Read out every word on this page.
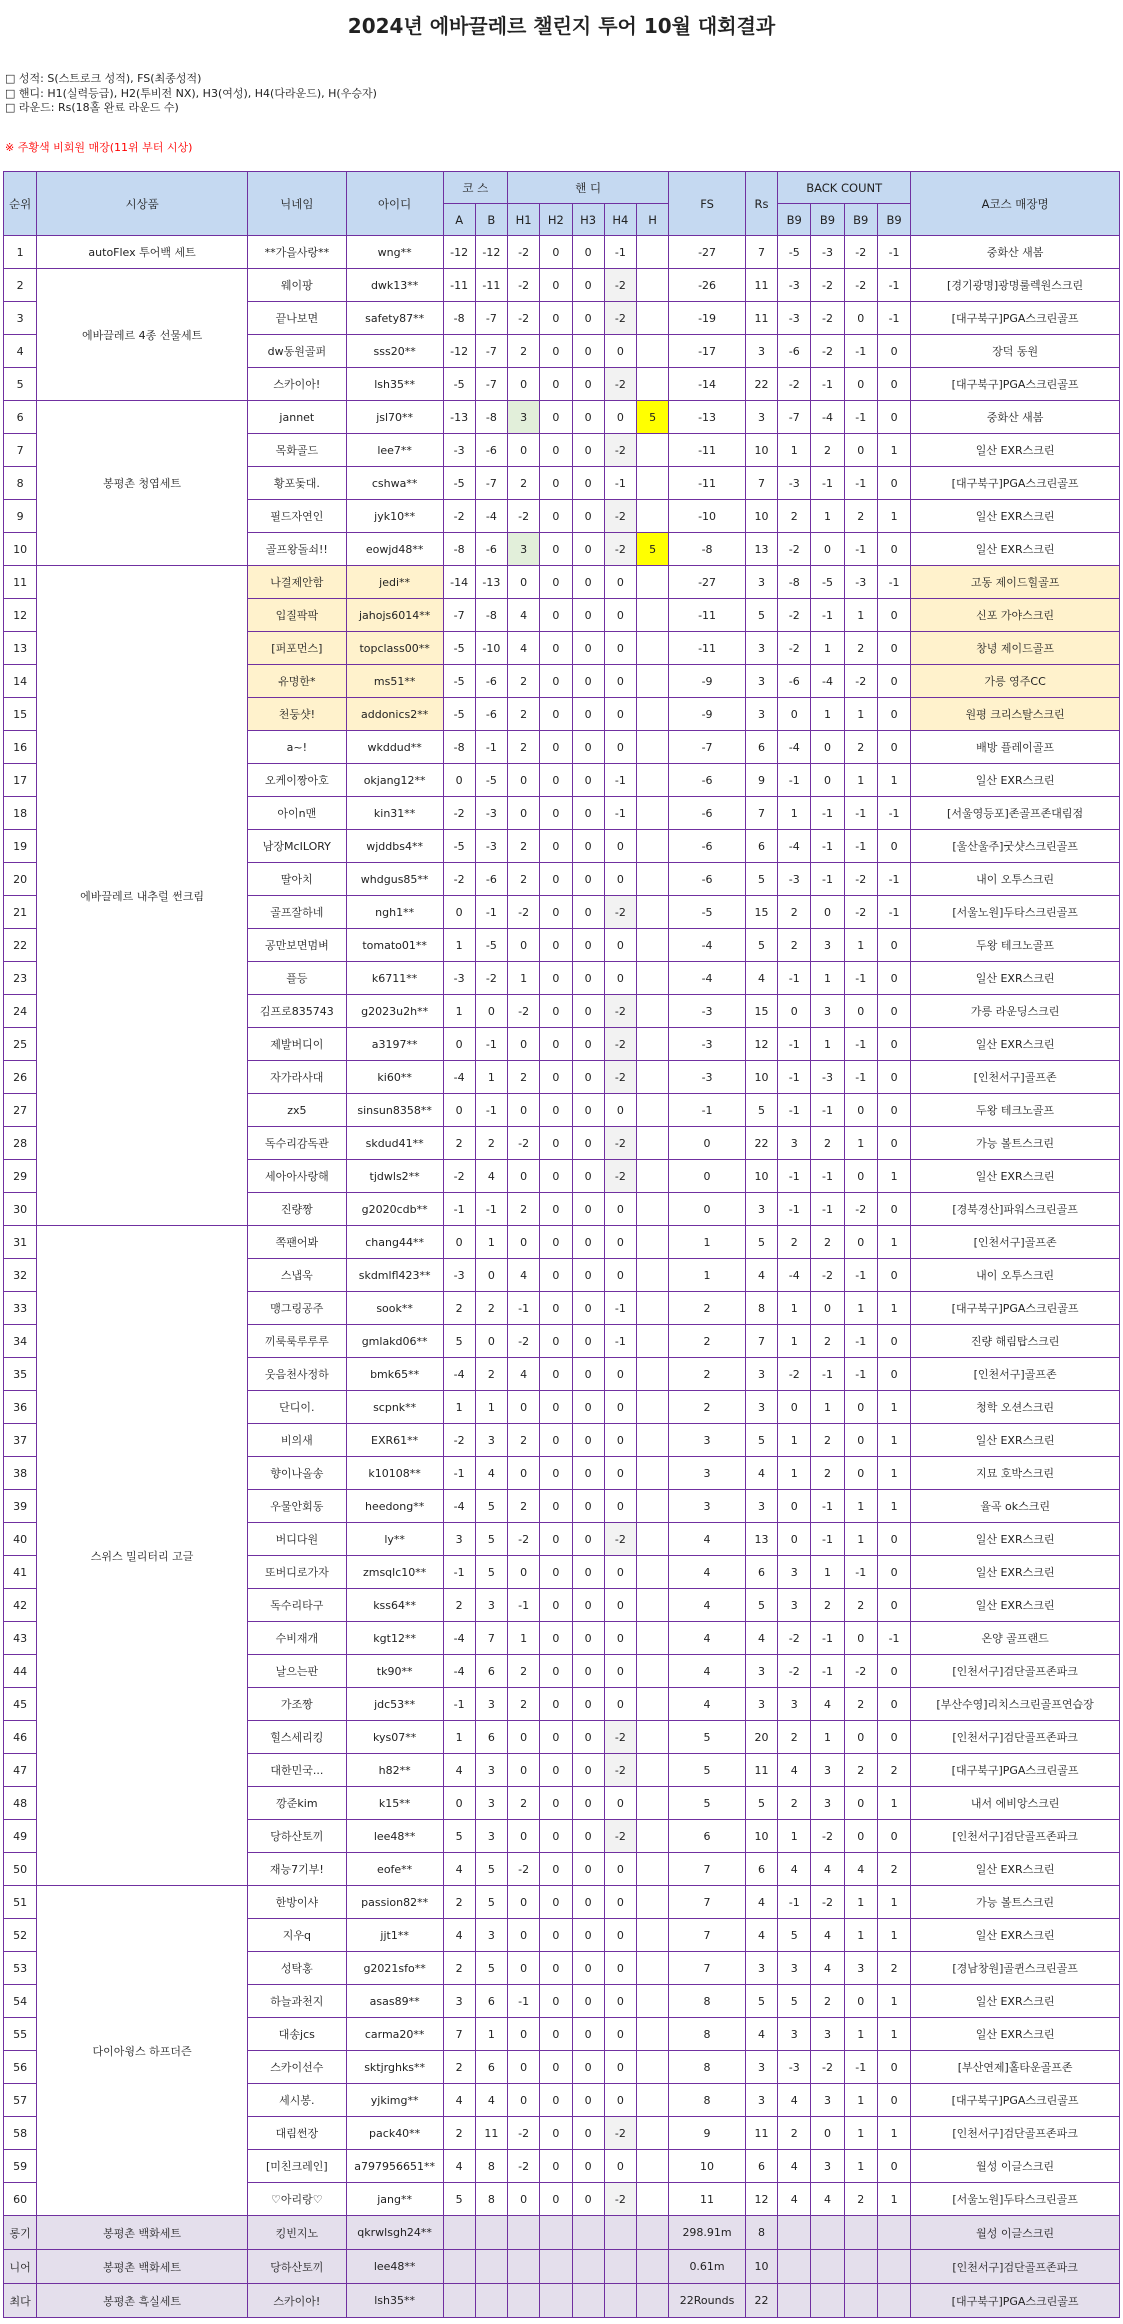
2024년 에바끌레르 챌린지 투어 10월 대회결과
□ 성적: S(스트로크 성적), FS(최종성적)
□ 핸디: H1(실력등급), H2(투비전 NX), H3(여성), H4(다라운드), H(우승자)
□ 라운드: Rs(18홀 완료 라운드 수)
※ 주황색 비회원 매장(11위 부터 시상)
순위	시상품	닉네임	아이디	코 스		핸 디					FS	Rs	BACK COUNT				A코스 매장명
				A	B	H1	H2	H3	H4	H			B9	B9	B9	B9	
1	autoFlex 투어백 세트	**가을사랑**	wng**	-12	-12	-2	0	0	-1		-27	7	-5	-3	-2	-1	중화산 새봄
2	에바끌레르 4종 선물세트	웨이팡	dwk13**	-11	-11	-2	0	0	-2		-26	11	-3	-2	-2	-1	[경기광명]광명룰렉원스크린
3		끝나보면	safety87**	-8	-7	-2	0	0	-2		-19	11	-3	-2	0	-1	[대구북구]PGA스크린골프
4		dw동원골퍼	sss20**	-12	-7	2	0	0	0		-17	3	-6	-2	-1	0	장덕 동원
5		스카이아!	lsh35**	-5	-7	0	0	0	-2		-14	22	-2	-1	0	0	[대구북구]PGA스크린골프
6	봉평촌 청엽세트	jannet	jsl70**	-13	-8	3	0	0	0	5	-13	3	-7	-4	-1	0	중화산 새봄
7		목화골드	lee7**	-3	-6	0	0	0	-2		-11	10	1	2	0	1	일산 EXR스크린
8		황포돛대.	cshwa**	-5	-7	2	0	0	-1		-11	7	-3	-1	-1	0	[대구북구]PGA스크린골프
9		필드자연인	jyk10**	-2	-4	-2	0	0	-2		-10	10	2	1	2	1	일산 EXR스크린
10		골프왕돌쇠!!	eowjd48**	-8	-6	3	0	0	-2	5	-8	13	-2	0	-1	0	일산 EXR스크린
11	에바끌레르 내추럴 썬크림	나결제안함	jedi**	-14	-13	0	0	0	0		-27	3	-8	-5	-3	-1	고동 제이드힐골프
12		입질팍팍	jahojs6014**	-7	-8	4	0	0	0		-11	5	-2	-1	1	0	신포 가야스크린
13		[퍼포먼스]	topclass00**	-5	-10	4	0	0	0		-11	3	-2	1	2	0	창녕 제이드골프
14		유명한*	ms51**	-5	-6	2	0	0	0		-9	3	-6	-4	-2	0	가릉 영주CC
15		천둥샷!	addonics2**	-5	-6	2	0	0	0		-9	3	0	1	1	0	원평 크리스탈스크린
16		a~!	wkddud**	-8	-1	2	0	0	0		-7	6	-4	0	2	0	배방 플레이골프
17		오케이짱아호	okjang12**	0	-5	0	0	0	-1		-6	9	-1	0	1	1	일산 EXR스크린
18		아이n맨	kin31**	-2	-3	0	0	0	-1		-6	7	1	-1	-1	-1	[서울영등포]존골프존대림점
19		남장McILORY	wjddbs4**	-5	-3	2	0	0	0		-6	6	-4	-1	-1	0	[울산울주]굿샷스크린골프
20		딸아치	whdgus85**	-2	-6	2	0	0	0		-6	5	-3	-1	-2	-1	내이 오투스크린
21		골프잘하네	ngh1**	0	-1	-2	0	0	-2		-5	15	2	0	-2	-1	[서울노원]두타스크린골프
22		공만보면멈벼	tomato01**	1	-5	0	0	0	0		-4	5	2	3	1	0	두왕 테크노골프
23		플등	k6711**	-3	-2	1	0	0	0		-4	4	-1	1	-1	0	일산 EXR스크린
24		김프로835743	g2023u2h**	1	0	-2	0	0	-2		-3	15	0	3	0	0	가릉 라운딩스크린
25		제발버디이	a3197**	0	-1	0	0	0	-2		-3	12	-1	1	-1	0	일산 EXR스크린
26		자가라사대	ki60**	-4	1	2	0	0	-2		-3	10	-1	-3	-1	0	[인천서구]골프존
27		zx5	sinsun8358**	0	-1	0	0	0	0		-1	5	-1	-1	0	0	두왕 테크노골프
28		독수리감독관	skdud41**	2	2	-2	0	0	-2		0	22	3	2	1	0	가능 볼트스크린
29		세아아사랑해	tjdwls2**	-2	4	0	0	0	-2		0	10	-1	-1	0	1	일산 EXR스크린
30		진량짱	g2020cdb**	-1	-1	2	0	0	0		0	3	-1	-1	-2	0	[경북경산]파워스크린골프
31	스위스 밀리터리 고글	쪽팬어봐	chang44**	0	1	0	0	0	0		1	5	2	2	0	1	[인천서구]골프존
32		스냅욱	skdmlfl423**	-3	0	4	0	0	0		1	4	-4	-2	-1	0	내이 오투스크린
33		맹그링공주	sook**	2	2	-1	0	0	-1		2	8	1	0	1	1	[대구북구]PGA스크린골프
34		끼룩룩루루루	gmlakd06**	5	0	-2	0	0	-1		2	7	1	2	-1	0	진량 해림탑스크린
35		웃음천사정하	bmk65**	-4	2	4	0	0	0		2	3	-2	-1	-1	0	[인천서구]골프존
36		단디이.	scpnk**	1	1	0	0	0	0		2	3	0	1	0	1	청학 오션스크린
37		비의새	EXR61**	-2	3	2	0	0	0		3	5	1	2	0	1	일산 EXR스크린
38		향이나올송	k10108**	-1	4	0	0	0	0		3	4	1	2	0	1	지묘 호박스크린
39		우물안회동	heedong**	-4	5	2	0	0	0		3	3	0	-1	1	1	율곡 ok스크린
40		버디다원	ly**	3	5	-2	0	0	-2		4	13	0	-1	1	0	일산 EXR스크린
41		또버디로가자	zmsqlc10**	-1	5	0	0	0	0		4	6	3	1	-1	0	일산 EXR스크린
42		독수리타구	kss64**	2	3	-1	0	0	0		4	5	3	2	2	0	일산 EXR스크린
43		수비재개	kgt12**	-4	7	1	0	0	0		4	4	-2	-1	0	-1	온양 골프랜드
44		날으는판	tk90**	-4	6	2	0	0	0		4	3	-2	-1	-2	0	[인천서구]검단골프존파크
45		가조짱	jdc53**	-1	3	2	0	0	0		4	3	3	4	2	0	[부산수영]리치스크린골프연습장
46		힐스세리킹	kys07**	1	6	0	0	0	-2		5	20	2	1	0	0	[인천서구]검단골프존파크
47		대한민국...	h82**	4	3	0	0	0	-2		5	11	4	3	2	2	[대구북구]PGA스크린골프
48		깡준kim	k15**	0	3	2	0	0	0		5	5	2	3	0	1	내서 에비앙스크린
49		당하산토끼	lee48**	5	3	0	0	0	-2		6	10	1	-2	0	0	[인천서구]검단골프존파크
50		재능7기부!	eofe**	4	5	-2	0	0	0		7	6	4	4	4	2	일산 EXR스크린
51	다이아윙스 하프더즌	한방이샤	passion82**	2	5	0	0	0	0		7	4	-1	-2	1	1	가능 볼트스크린
52		지우q	jjt1**	4	3	0	0	0	0		7	4	5	4	1	1	일산 EXR스크린
53		성탁홍	g2021sfo**	2	5	0	0	0	0		7	3	3	4	3	2	[경남창원]골퀸스크린골프
54		하늘과천지	asas89**	3	6	-1	0	0	0		8	5	5	2	0	1	일산 EXR스크린
55		대송jcs	carma20**	7	1	0	0	0	0		8	4	3	3	1	1	일산 EXR스크린
56		스카이선수	sktjrghks**	2	6	0	0	0	0		8	3	-3	-2	-1	0	[부산연제]홀타운골프존
57		세시봉.	yjkimg**	4	4	0	0	0	0		8	3	4	3	1	0	[대구북구]PGA스크린골프
58		대림썬장	pack40**	2	11	-2	0	0	-2		9	11	2	0	1	1	[인천서구]검단골프존파크
59		[미친크레인]	a797956651**	4	8	-2	0	0	0		10	6	4	3	1	0	월성 이글스크린
60		♡아리랑♡	jang**	5	8	0	0	0	-2		11	12	4	4	2	1	[서울노원]두타스크린골프
롱기	봉평촌 백화세트	킹빈지노	qkrwlsgh24**								298.91m	8					월성 이글스크린
니어	봉평촌 백화세트	당하산토끼	lee48**								0.61m	10					[인천서구]검단골프존파크
최다	봉평촌 흑실세트	스카이아!	lsh35**								22Rounds	22					[대구북구]PGA스크린골프
